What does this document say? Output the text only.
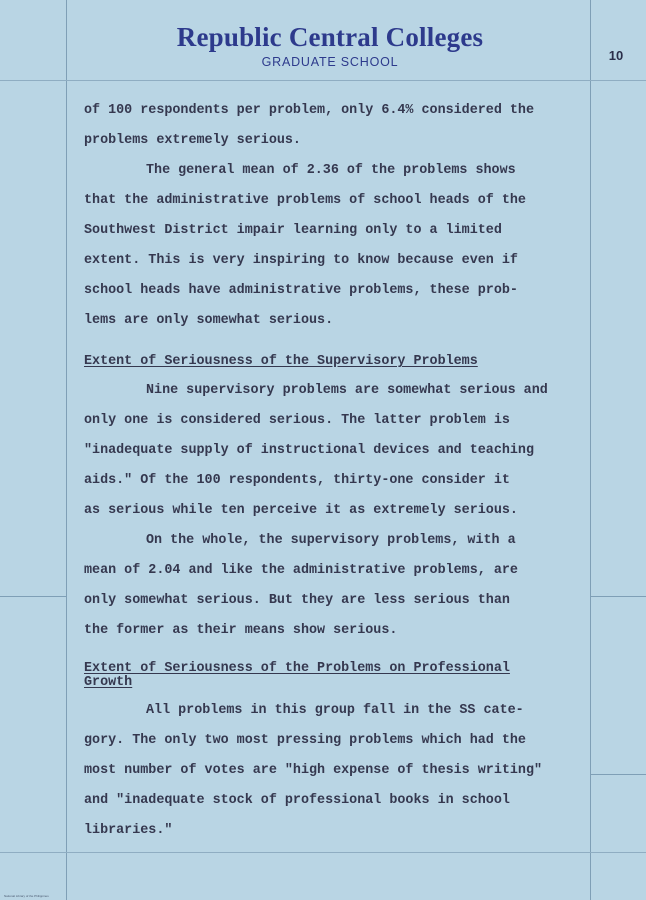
Republic Central Colleges
GRADUATE SCHOOL	10
of 100 respondents per problem, only 6.4% considered the
problems extremely serious.
The general mean of 2.36 of the problems shows
that the administrative problems of school heads of the
Southwest District impair learning only to a limited
extent. This is very inspiring to know because even if
school heads have administrative problems, these prob-
lems are only somewhat serious.
Extent of Seriousness of the Supervisory Problems
Nine supervisory problems are somewhat serious and
only one is considered serious. The latter problem is
"inadequate supply of instructional devices and teaching
aids." Of the 100 respondents, thirty-one consider it
as serious while ten perceive it as extremely serious.
On the whole, the supervisory problems, with a
mean of 2.04 and like the administrative problems, are
only somewhat serious. But they are less serious than
the former as their means show serious.
Extent of Seriousness of the Problems on Professional
Growth
All problems in this group fall in the SS cate-
gory. The only two most pressing problems which had the
most number of votes are "high expense of thesis writing"
and "inadequate stock of professional books in school
libraries."
National Library of the Philippines
